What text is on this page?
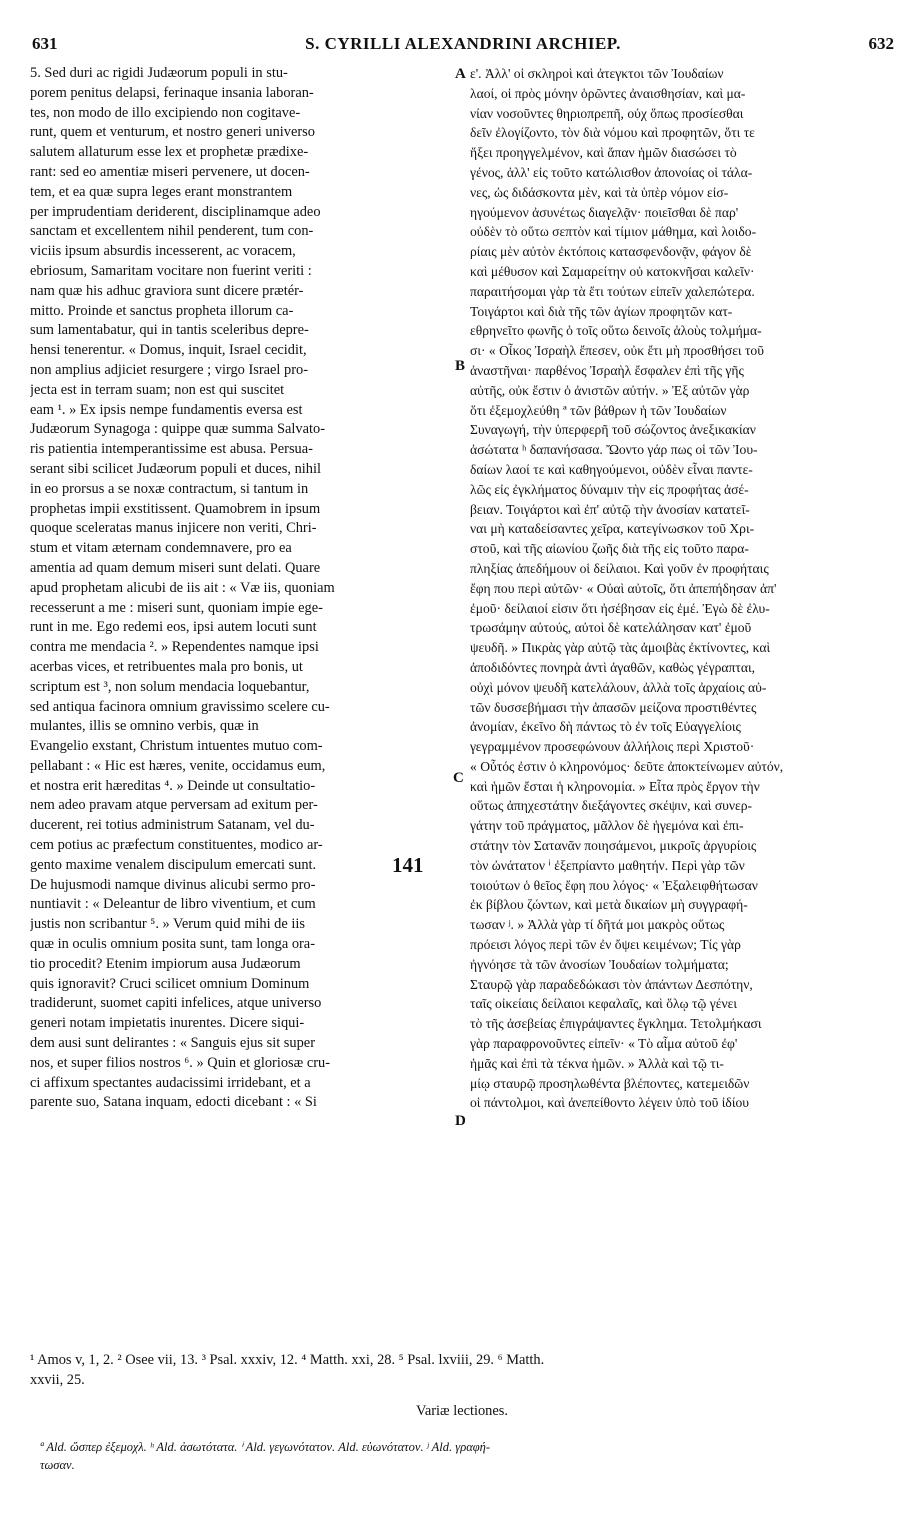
631	S. CYRILLI ALEXANDRINI ARCHIEP.	632
5. Sed duri ac rigidi Judæorum populi in stu-
porem penitus delapsi, ferinaque insania laboran-
tes, non modo de illo excipiendo non cogitave-
runt, quem et venturum, et nostro generi universo
salutem allaturum esse lex et prophetæ prædixe-
rant: sed eo amentiæ miseri pervenere, ut docen-
tem, et ea quæ supra leges erant monstrantem
per imprudentiam deriderent, disciplinamque adeo
sanctam et excellentem nihil penderent, tum con-
viciis ipsum absurdis incesserent, ac voracem,
ebriosum, Samaritam vocitare non fuerint veriti :
nam quæ his adhuc graviora sunt dicere prætér-
mitto. Proinde et sanctus propheta illorum ca-
sum lamentabatur, qui in tantis sceleribus depre-
hensi tenerentur. « Domus, inquit, Israel cecidit,
non amplius adjiciet resurgere ; virgo Israel pro-
jecta est in terram suam; non est qui suscitet
eam ¹. » Ex ipsis nempe fundamentis eversa est
Judæorum Synagoga : quippe quæ summa Salvato-
ris patientia intemperantissime est abusa. Persua-
serant sibi scilicet Judæorum populi et duces, nihil
in eo prorsus a se noxæ contractum, si tantum in
prophetas impii exstitissent. Quamobrem in ipsum
quoque sceleratas manus injicere non veriti, Chri-
stum et vitam æternam condemnavere, pro ea
amentia ad quam demum miseri sunt delati. Quare
apud prophetam alicubi de iis ait : « Væ iis, quoniam
recesserunt a me : miseri sunt, quoniam impie ege-
runt in me. Ego redemi eos, ipsi autem locuti sunt
contra me mendacia ². » Rependentes namque ipsi
acerbas vices, et retribuentes mala pro bonis, ut
scriptum est ³, non solum mendacia loquebantur,
sed antiqua facinora omnium gravissimo scelere cu-
mulantes, illis se omnino verbis, quæ in
Evangelio exstant, Christum intuentes mutuo com-
pellabant : « Hic est hæres, venite, occidamus eum,
et nostra erit hæreditas ⁴. » Deinde ut consultatio-
nem adeo pravam atque perversam ad exitum per-
ducerent, rei totius administrum Satanam, vel du-
cem potius ac præfectum constituentes, modico ar-
gento maxime venalem discipulum emercati sunt.
De hujusmodi namque divinus alicubi sermo pro-
nuntiavit : « Deleantur de libro viventium, et cum
justis non scribantur ⁵. » Verum quid mihi de iis
quæ in oculis omnium posita sunt, tam longa ora-
tio procedit? Etenim impiorum ausa Judæorum
quis ignoravit? Cruci scilicet omnium Dominum
tradiderunt, suomet capiti infelices, atque universo
generi notam impietatis inurentes. Dicere siqui-
dem ausi sunt delirantes : « Sanguis ejus sit super
nos, et super filios nostros ⁶. » Quin et gloriosæ cru-
ci affixum spectantes audacissimi irridebant, et a
parente suo, Satana inquam, edocti dicebant : « Si
ε'. Ἀλλ' οἱ σκληροὶ καὶ ἀτεγκτοι τῶν Ἰουδαίων
λαοί, οἱ πρὸς μόνην ὁρῶντες ἀναισθησίαν, καὶ μα-
νίαν νοσοῦντες θηριοπρεπῆ, οὐχ ὅπως προσίεσθαι
δεῖν ἐλογίζοντο, τὸν διὰ νόμου καὶ προφητῶν, ὅτι τε
ἥξει προηγγελμένον, καὶ ἅπαν ἡμῶν διασώσει τὸ
γένος, ἀλλ' εἰς τοῦτο κατώλισθον ἀπονοίας οἱ τάλα-
νες, ὡς διδάσκοντα μὲν, καὶ τὰ ὑπὲρ νόμον εἰσ-
ηγούμενον ἀσυνέτως διαγελᾷν· ποιεῖσθαι δὲ παρ'
οὐδὲν τὸ οὕτω σεπτὸν καὶ τίμιον μάθημα, καὶ λοιδο-
ρίαις μὲν αὐτὸν ἐκτόποις κατασφενδονᾷν, φάγον δὲ
καὶ μέθυσον καὶ Σαμαρείτην οὐ κατοκνῆσαι καλεῖν·
παραιτήσομαι γὰρ τὰ ἔτι τούτων εἰπεῖν χαλεπώτερα.
Τοιγάρτοι καὶ διὰ τῆς τῶν ἁγίων προφητῶν κατ-
εθρηνεῖτο φωνῆς ὁ τοῖς οὕτω δεινοῖς ἁλοὺς τολμήμα-
σι· « Οἶκος Ἰσραὴλ ἔπεσεν, οὐκ ἔτι μὴ προσθήσει τοῦ
ἀναστῆναι· παρθένος Ἰσραὴλ ἔσφαλεν ἐπὶ τῆς γῆς
αὐτῆς, οὐκ ἔστιν ὁ ἀνιστῶν αὐτήν. » Ἐξ αὐτῶν γὰρ
ὅτι ἐξεμοχλεύθη ª τῶν βάθρων ἡ τῶν Ἰουδαίων
Συναγωγή, τὴν ὑπερφερῆ τοῦ σώζοντος ἀνεξικακίαν
ἀσώτατα ʰ δαπανήσασα. Ὤοντο γάρ πως οἱ τῶν Ἰου-
δαίων λαοί τε καὶ καθηγούμενοι, οὐδὲν εἶναι παντε-
λῶς εἰς ἐγκλήματος δύναμιν τὴν εἰς προφήτας ἀσέ-
βειαν. Τοιγάρτοι καὶ ἐπ' αὐτῷ τὴν ἀνοσίαν κατατεῖ-
ναι μὴ καταδείσαντες χεῖρα, κατεγίνωσκον τοῦ Χρι-
στοῦ, καὶ τῆς αἰωνίου ζωῆς διὰ τῆς εἰς τοῦτο παρα-
πληξίας ἀπεδήμουν οἱ δείλαιοι. Καὶ γοῦν ἐν προφήταις
ἔφη που περὶ αὐτῶν· « Οὐαὶ αὐτοῖς, ὅτι ἀπεπήδησαν ἀπ'
ἐμοῦ· δείλαιοί εἰσιν ὅτι ἠσέβησαν εἰς ἐμέ. Ἐγὼ δὲ ἐλυ-
τρωσάμην αὐτούς, αὐτοὶ δὲ κατελάλησαν κατ' ἐμοῦ
ψευδῆ. » Πικρὰς γὰρ αὐτῷ τὰς ἀμοιβὰς ἐκτίνοντες, καὶ
ἀποδιδόντες πονηρὰ ἀντὶ ἀγαθῶν, καθὼς γέγραπται,
οὐχὶ μόνον ψευδῆ κατελάλουν, ἀλλὰ τοῖς ἀρχαίοις αὐ-
τῶν δυσσεβήμασι τὴν ἁπασῶν μείζονα προστιθέντες
ἀνομίαν, ἐκεῖνο δὴ πάντως τὸ ἐν τοῖς Εὐαγγελίοις
γεγραμμένον προσεφώνουν ἀλλήλοις περὶ Χριστοῦ·
« Οὗτός ἐστιν ὁ κληρονόμος· δεῦτε ἀποκτείνωμεν αὐτόν,
καὶ ἡμῶν ἔσται ἡ κληρονομία. » Εἶτα πρὸς ἔργον τὴν
οὕτως ἀπηχεστάτην διεξάγοντες σκέψιν, καὶ συνερ-
γάτην τοῦ πράγματος, μᾶλλον δὲ ἡγεμόνα καὶ ἐπι-
στάτην τὸν Σατανᾶν ποιησάμενοι, μικροῖς ἀργυρίοις
τὸν ὠνάτατον ⁱ ἐξεπρίαντο μαθητήν. Περὶ γὰρ τῶν
τοιούτων ὁ θεῖος ἔφη που λόγος· « Ἐξαλειφθήτωσαν
ἐκ βίβλου ζώντων, καὶ μετὰ δικαίων μὴ συγγραφή-
τωσαν ʲ. » Ἀλλὰ γὰρ τί δῆτά μοι μακρὸς οὕτως
πρόεισι λόγος περὶ τῶν ἐν ὄψει κειμένων; Τίς γὰρ
ἠγνόησε τὰ τῶν ἀνοσίων Ἰουδαίων τολμήματα;
Σταυρῷ γὰρ παραδεδώκασι τὸν ἁπάντων Δεσπότην,
ταῖς οἰκείαις δείλαιοι κεφαλαῖς, καὶ ὅλῳ τῷ γένει
τὸ τῆς ἀσεβείας ἐπιγράψαντες ἔγκλημα. Τετολμήκασι
γὰρ παραφρονοῦντες εἰπεῖν· « Τὸ αἷμα αὐτοῦ ἐφ'
ἡμᾶς καὶ ἐπὶ τὰ τέκνα ἡμῶν. » Ἀλλὰ καὶ τῷ τι-
μίῳ σταυρῷ προσηλωθέντα βλέποντες, κατεμειδῶν
οἱ πάντολμοι, καὶ ἀνεπείθοντο λέγειν ὑπὸ τοῦ ἰδίου
A
B
C
D
141
¹ Amos v, 1, 2. ² Osee vii, 13. ³ Psal. xxxiv, 12. ⁴ Matth. xxi, 28. ⁵ Psal. lxviii, 29. ⁶ Matth.
xxvii, 25.
Variæ lectiones.
ª Ald. ὤσπερ ἐξεμοχλ. ʰ Ald. ἀσωτότατα. ⁱ Ald. γεγωνότατον. Ald. εὐωνότατον. ʲ Ald. γραφή-
τωσαν.
